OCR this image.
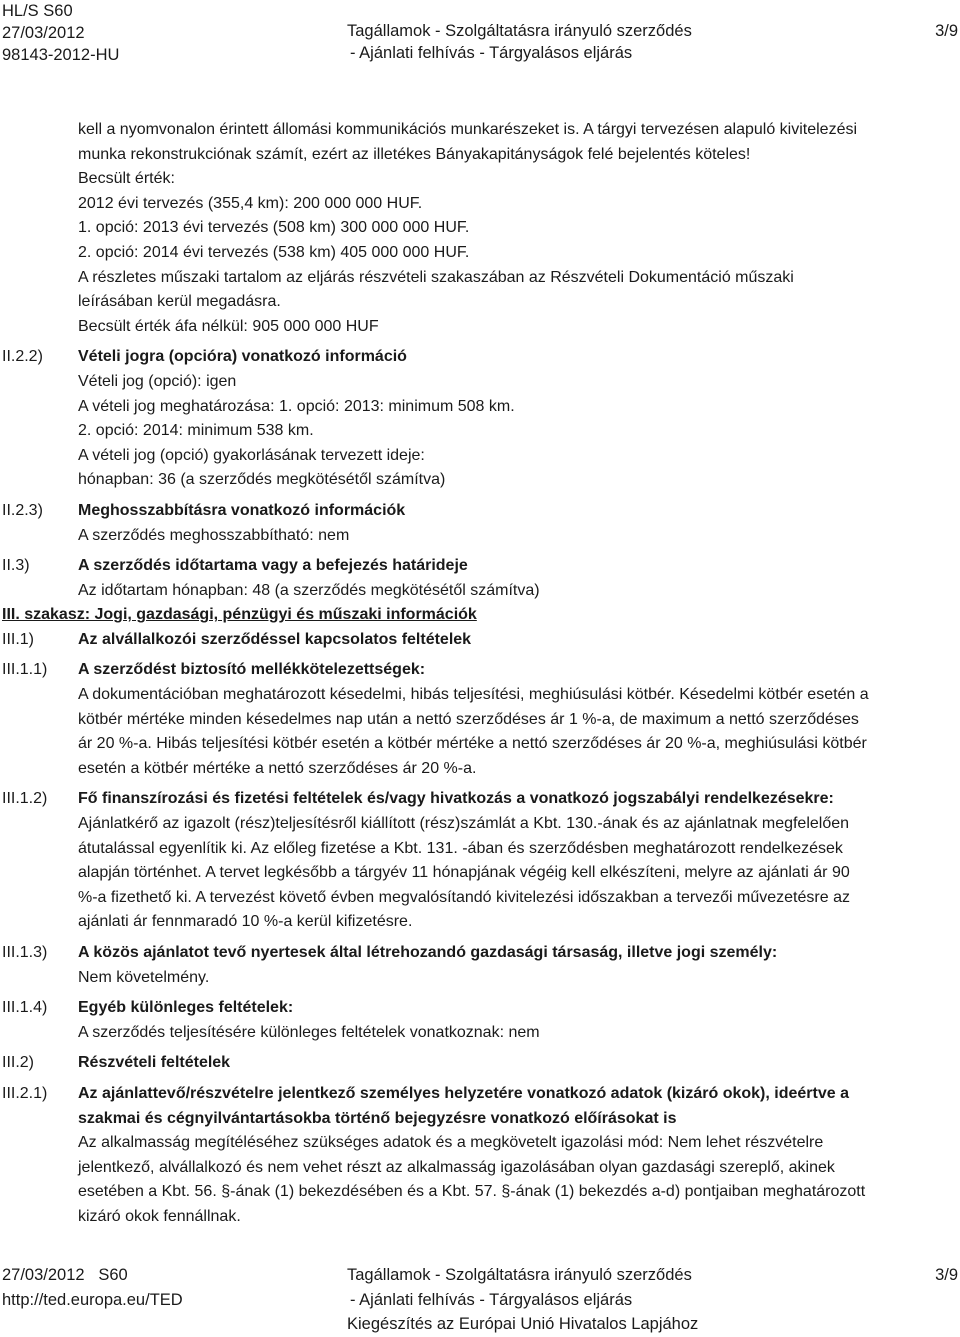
HL/S S60
27/03/2012
98143-2012-HU
Tagállamok - Szolgáltatásra irányuló szerződés
- Ajánlati felhívás - Tárgyalásos eljárás
3/9
kell a nyomvonalon érintett állomási kommunikációs munkarészeket is. A tárgyi tervezésen alapuló kivitelezési
munka rekonstrukciónak számít, ezért az illetékes Bányakapitányságok felé bejelentés köteles!
Becsült érték:
2012 évi tervezés (355,4 km): 200 000 000 HUF.
1. opció: 2013 évi tervezés (508 km) 300 000 000 HUF.
2. opció: 2014 évi tervezés (538 km) 405 000 000 HUF.
A részletes műszaki tartalom az eljárás részvételi szakaszában az Részvételi Dokumentáció műszaki
leírásában kerül megadásra.
Becsült érték áfa nélkül: 905 000 000 HUF
II.2.2)	Vételi jogra (opcióra) vonatkozó információ
Vételi jog (opció): igen
A vételi jog meghatározása: 1. opció: 2013: minimum 508 km.
2. opció: 2014: minimum 538 km.
A vételi jog (opció) gyakorlásának tervezett ideje:
hónapban: 36 (a szerződés megkötésétől számítva)
II.2.3)	Meghosszabbításra vonatkozó információk
A szerződés meghosszabbítható: nem
II.3)	A szerződés időtartama vagy a befejezés határideje
Az időtartam hónapban: 48 (a szerződés megkötésétől számítva)
III. szakasz: Jogi, gazdasági, pénzügyi és műszaki információk
III.1)	Az alvállalkozói szerződéssel kapcsolatos feltételek
III.1.1)	A szerződést biztosító mellékkötelezettségek:
A dokumentációban meghatározott késedelmi, hibás teljesítési, meghiúsulási kötbér. Késedelmi kötbér esetén a
kötbér mértéke minden késedelmes nap után a nettó szerződéses ár 1 %-a, de maximum a nettó szerződéses
ár 20 %-a. Hibás teljesítési kötbér esetén a kötbér mértéke a nettó szerződéses ár 20 %-a, meghiúsulási kötbér
esetén a kötbér mértéke a nettó szerződéses ár 20 %-a.
III.1.2)	Fő finanszírozási és fizetési feltételek és/vagy hivatkozás a vonatkozó jogszabályi rendelkezésekre:
Ajánlatkérő az igazolt (rész)teljesítésről kiállított (rész)számlát a Kbt. 130.-ának és az ajánlatnak megfelelően
átutalással egyenlítik ki. Az előleg fizetése a Kbt. 131. -ában és szerződésben meghatározott rendelkezések
alapján történhet. A tervet legkésőbb a tárgyév 11 hónapjának végéig kell elkészíteni, melyre az ajánlati ár 90
%-a fizethető ki. A tervezést követő évben megvalósítandó kivitelezési időszakban a tervezői művezetésre az
ajánlati ár fennmaradó 10 %-a kerül kifizetésre.
III.1.3)	A közös ajánlatot tevő nyertesek által létrehozandó gazdasági társaság, illetve jogi személy:
Nem követelmény.
III.1.4)	Egyéb különleges feltételek:
A szerződés teljesítésére különleges feltételek vonatkoznak: nem
III.2)	Részvételi feltételek
III.2.1)	Az ajánlattevő/részvételre jelentkező személyes helyzetére vonatkozó adatok (kizáró okok), ideértve a
szakmai és cégnyilvántartásokba történő bejegyzésre vonatkozó előírásokat is
Az alkalmasság megítéléséhez szükséges adatok és a megkövetelt igazolási mód: Nem lehet részvételre
jelentkező, alvállalkozó és nem vehet részt az alkalmasság igazolásában olyan gazdasági szereplő, akinek
esetében a Kbt. 56. §-ának (1) bekezdésében és a Kbt. 57. §-ának (1) bekezdés a-d) pontjaiban meghatározott
kizáró okok fennállnak.
27/03/2012 S60
http://ted.europa.eu/TED
Tagállamok - Szolgáltatásra irányuló szerződés
- Ajánlati felhívás - Tárgyalásos eljárás
Kiegészítés az Európai Unió Hivatalos Lapjához
3/9
